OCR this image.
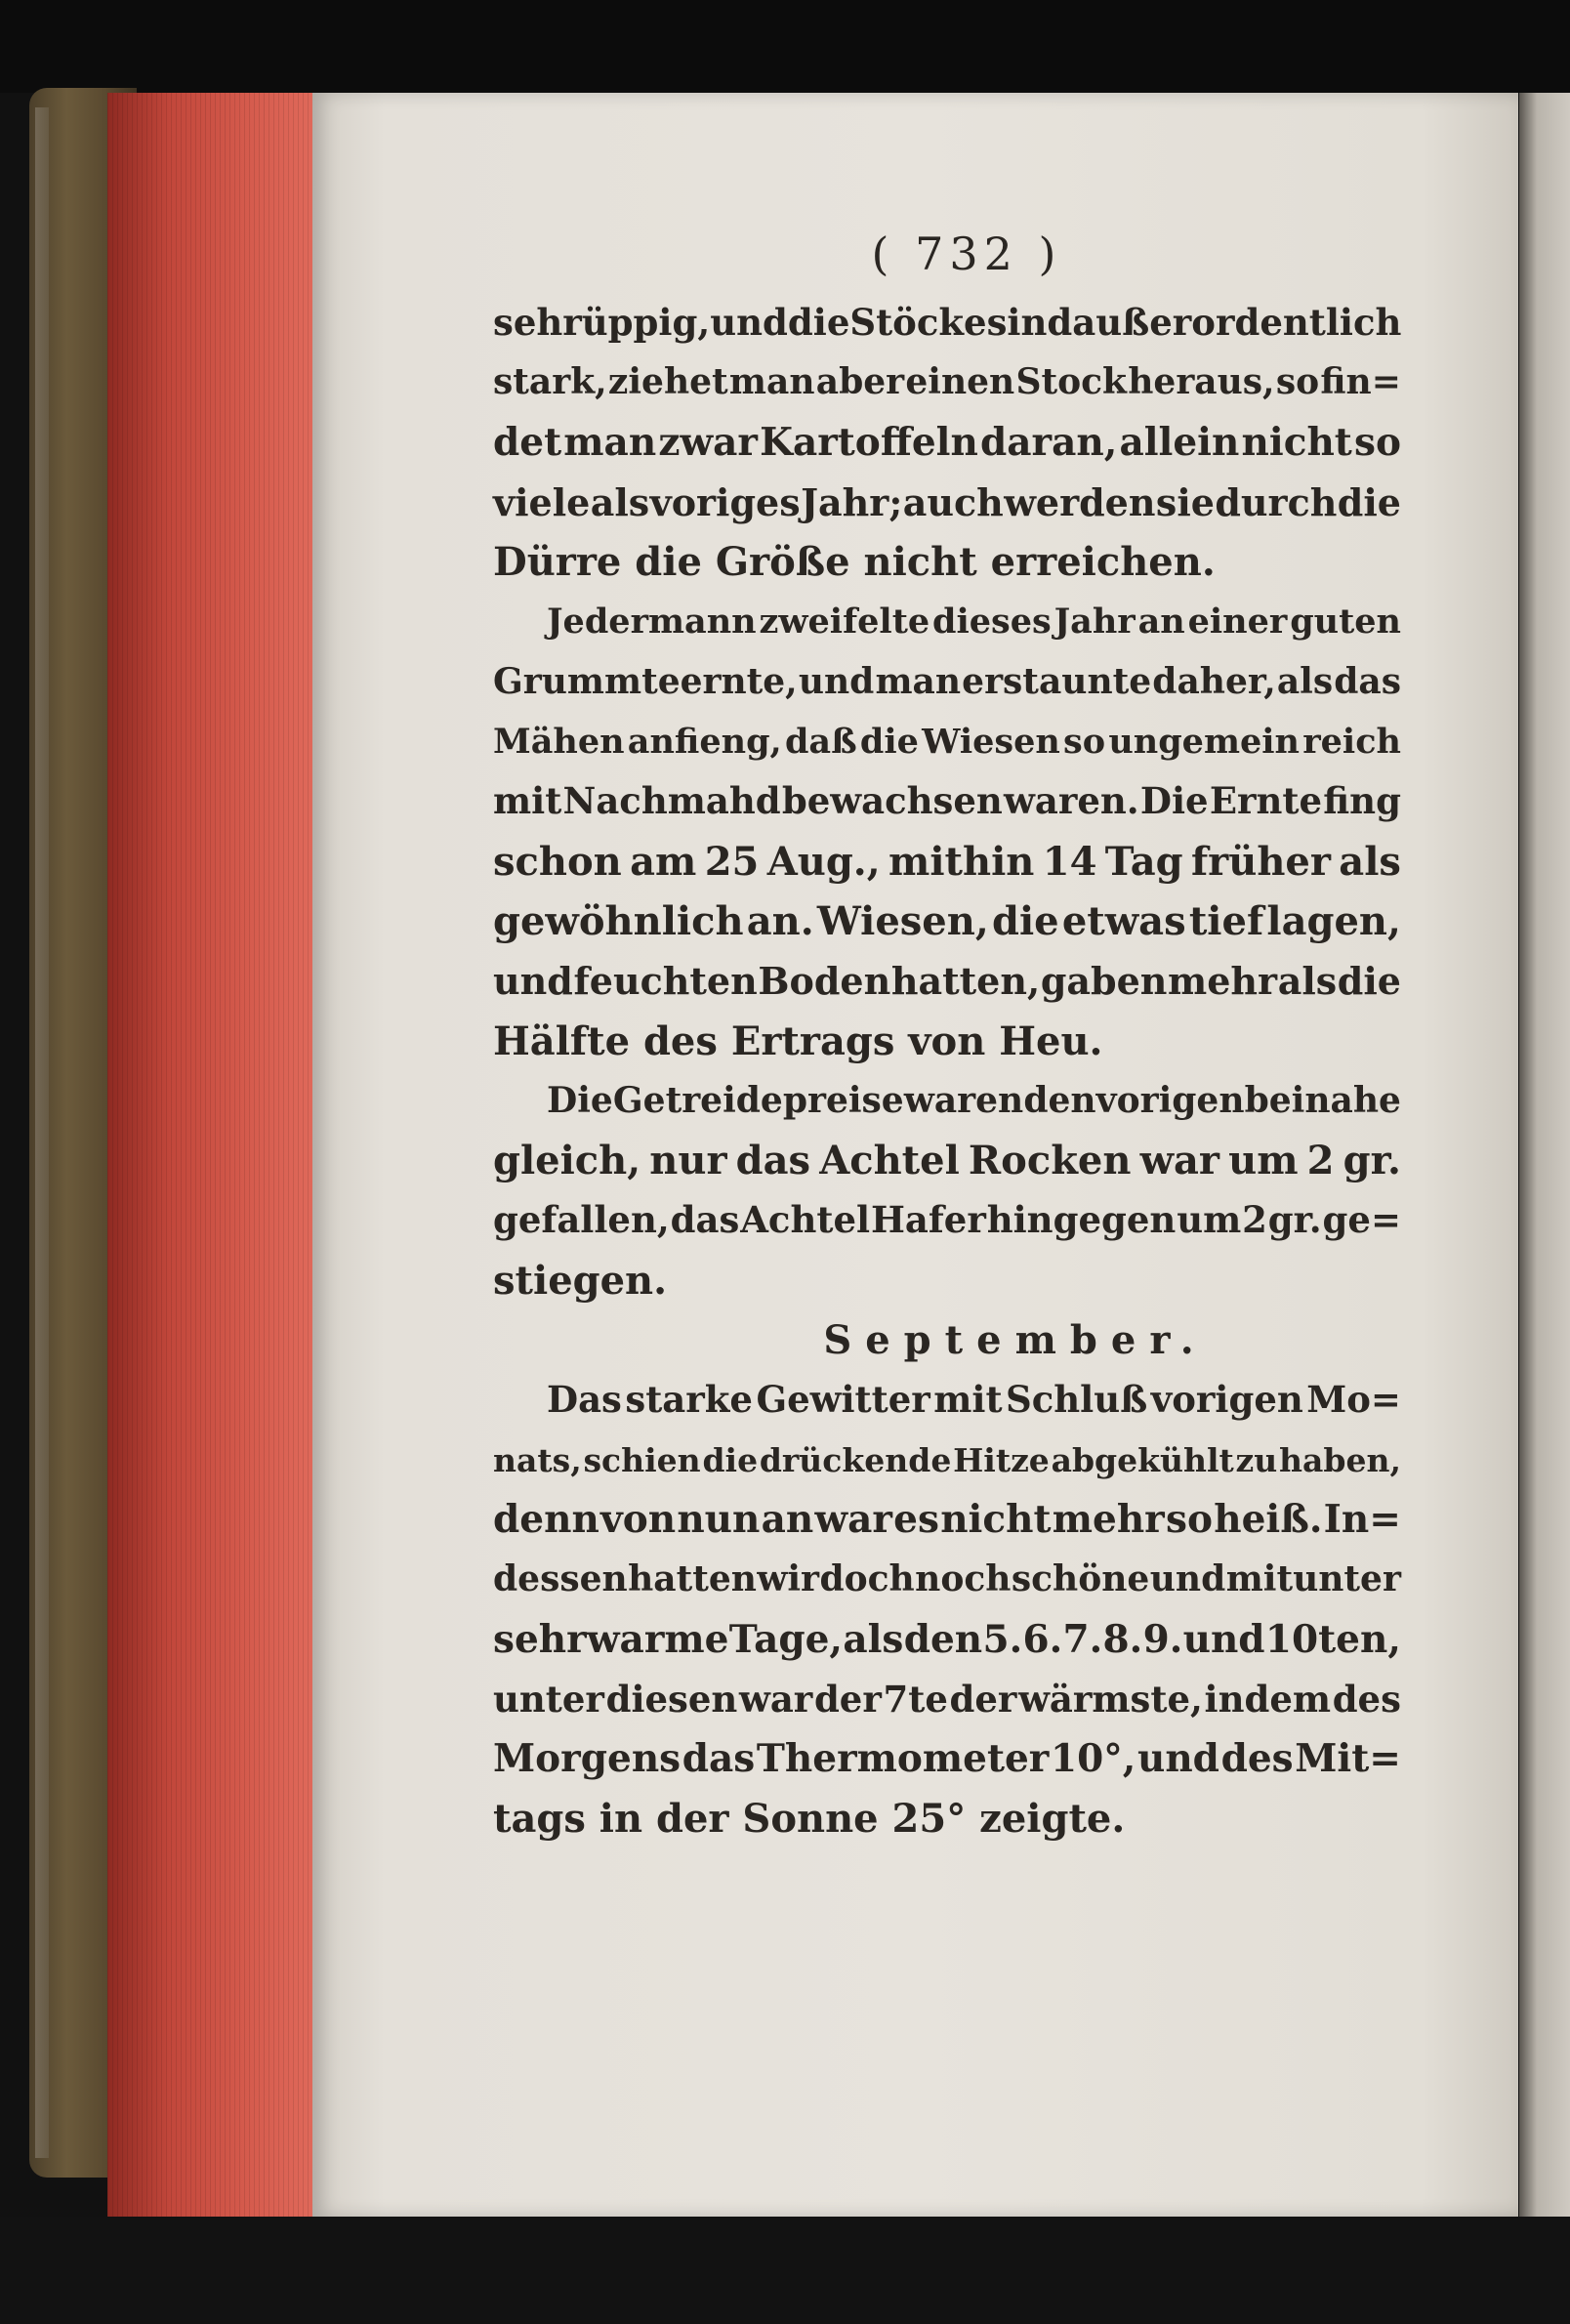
( 732 )
sehr üppig, und die Stöcke sind außerordentlich
stark, ziehet man aber einen Stock heraus, so fin=
det man zwar Kartoffeln daran, allein nicht so
viele als voriges Jahr; auch werden sie durch die
Dürre die Größe nicht erreichen.
Jedermann zweifelte dieses Jahr an einer guten
Grummteernte, und man erstaunte daher, als das
Mähen anfieng, daß die Wiesen so ungemein reich
mit Nachmahd bewachsen waren. Die Ernte fing
schon am 25 Aug., mithin 14 Tag früher als
gewöhnlich an. Wiesen, die etwas tief lagen,
und feuchten Boden hatten, gaben mehr als die
Hälfte des Ertrags von Heu.
Die Getreidepreise waren den vorigen beinahe
gleich, nur das Achtel Rocken war um 2 gr.
gefallen, das Achtel Hafer hingegen um 2 gr. ge=
stiegen.
September.
Das starke Gewitter mit Schluß vorigen Mo=
nats, schien die drückende Hitze abgekühlt zu haben,
denn von nun an war es nicht mehr so heiß. In=
dessen hatten wir doch noch schöne und mitunter
sehr warme Tage, als den 5. 6. 7. 8. 9. und 10ten,
unter diesen war der 7te der wärmste, indem des
Morgens das Thermometer 10°, und des Mit=
tags in der Sonne 25° zeigte.
